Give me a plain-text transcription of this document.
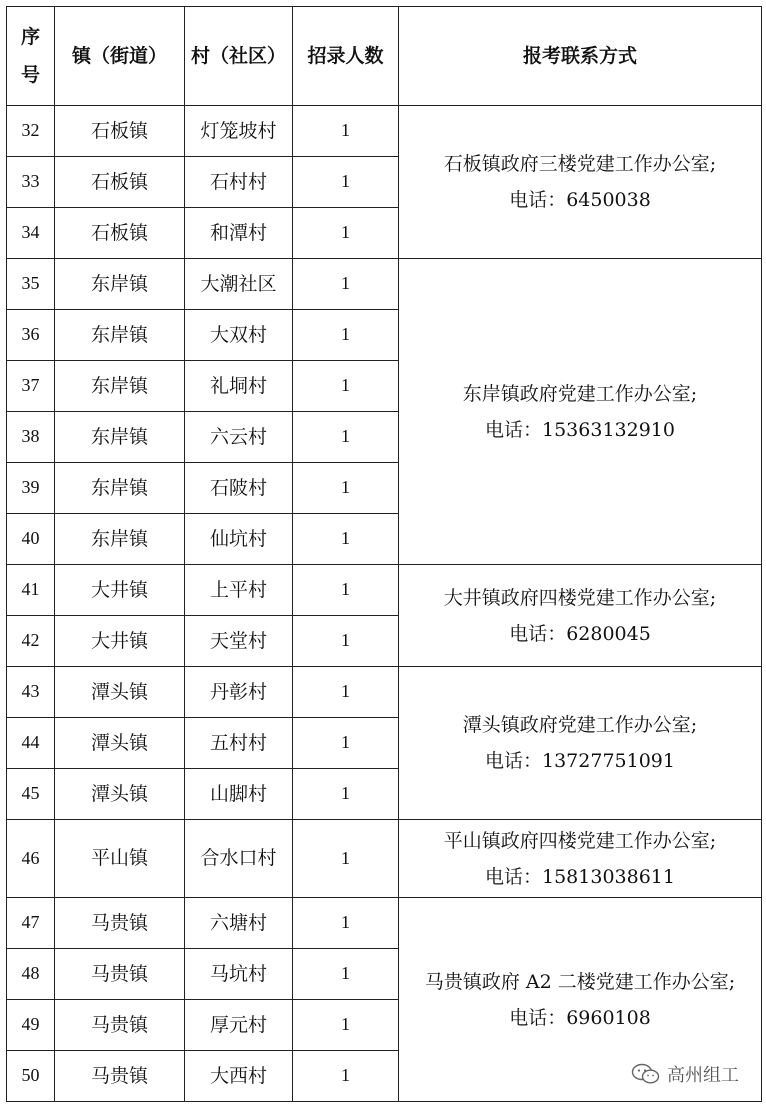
序
号	镇（街道）	村（社区）	招录人数	报考联系方式
32	石板镇	灯笼坡村	1	石板镇政府三楼党建工作办公室;
电话：6450038

33	石板镇	石村村	1	
34	石板镇	和潭村	1	
35	东岸镇	大潮社区	1	东岸镇政府党建工作办公室;
电话：15363132910

36	东岸镇	大双村	1	
37	东岸镇	礼垌村	1	
38	东岸镇	六云村	1	
39	东岸镇	石陂村	1	
40	东岸镇	仙坑村	1	
41	大井镇	上平村	1	大井镇政府四楼党建工作办公室;
电话：6280045

42	大井镇	天堂村	1	
43	潭头镇	丹彰村	1	潭头镇政府党建工作办公室;
电话：13727751091

44	潭头镇	五村村	1	
45	潭头镇	山脚村	1	
46	平山镇	合水口村	1	平山镇政府四楼党建工作办公室;
电话：15813038611

47	马贵镇	六塘村	1	马贵镇政府 A2 二楼党建工作办公室;
电话：6960108

48	马贵镇	马坑村	1	
49	马贵镇	厚元村	1	
50	马贵镇	大西村	1		高州组工
